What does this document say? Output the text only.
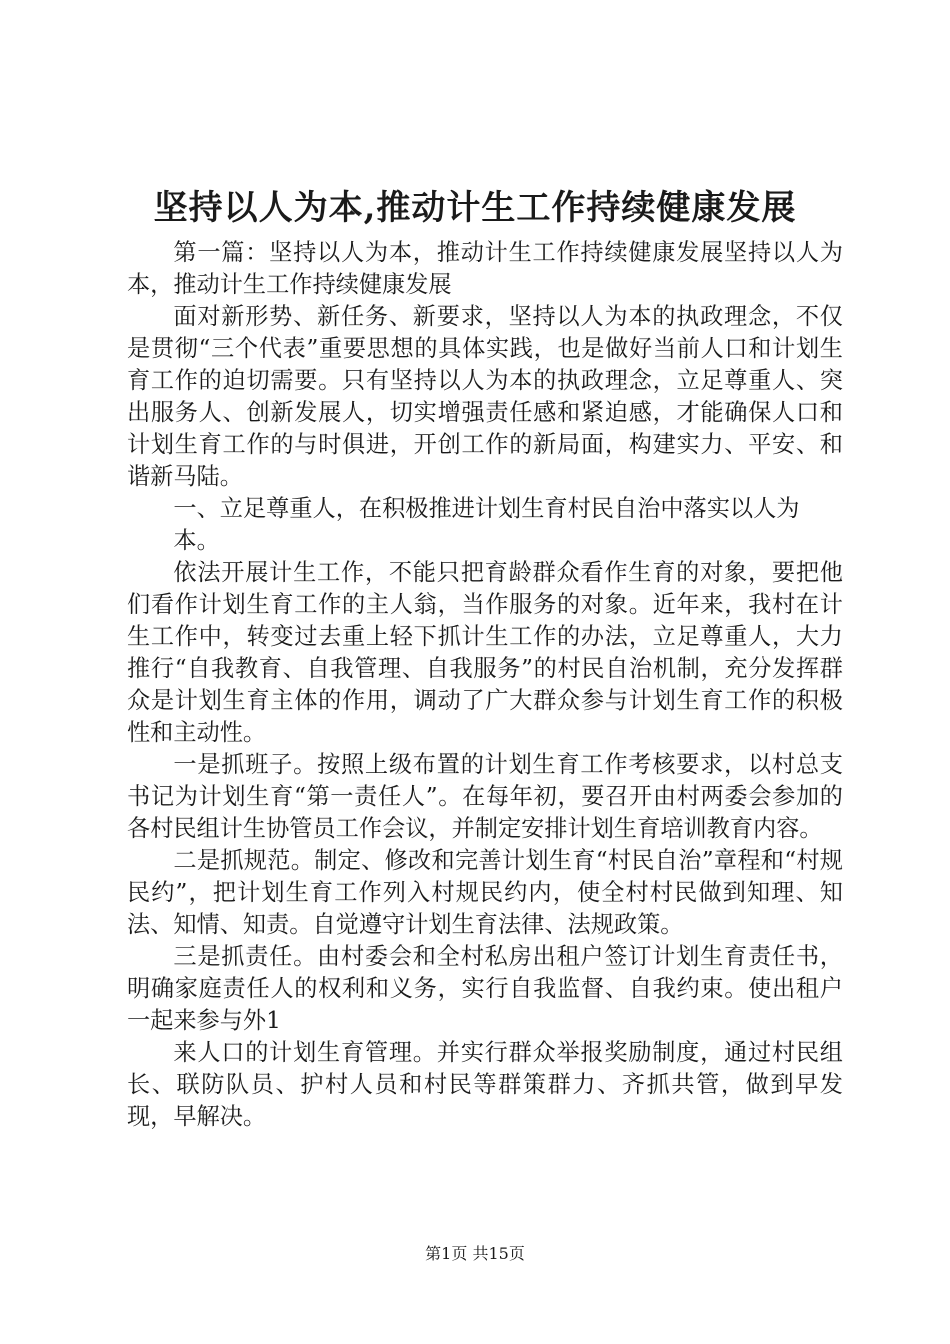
坚持以人为本,推动计生工作持续健康发展

第一篇：坚持以人为本，推动计生工作持续健康发展坚持以人为本，推动计生工作持续健康发展

面对新形势、新任务、新要求，坚持以人为本的执政理念，不仅是贯彻“三个代表”重要思想的具体实践，也是做好当前人口和计划生育工作的迫切需要。只有坚持以人为本的执政理念，立足尊重人、突出服务人、创新发展人，切实增强责任感和紧迫感，才能确保人口和计划生育工作的与时俱进，开创工作的新局面，构建实力、平安、和谐新马陆。

一、立足尊重人，在积极推进计划生育村民自治中落实以人为

本。

依法开展计生工作，不能只把育龄群众看作生育的对象，要把他们看作计划生育工作的主人翁，当作服务的对象。近年来，我村在计生工作中，转变过去重上轻下抓计生工作的办法，立足尊重人，大力推行“自我教育、自我管理、自我服务”的村民自治机制，充分发挥群众是计划生育主体的作用，调动了广大群众参与计划生育工作的积极性和主动性。

一是抓班子。按照上级布置的计划生育工作考核要求，以村总支书记为计划生育“第一责任人”。在每年初，要召开由村两委会参加的各村民组计生协管员工作会议，并制定安排计划生育培训教育内容。

二是抓规范。制定、修改和完善计划生育“村民自治”章程和“村规民约”，把计划生育工作列入村规民约内，使全村村民做到知理、知法、知情、知责。自觉遵守计划生育法律、法规政策。

三是抓责任。由村委会和全村私房出租户签订计划生育责任书，明确家庭责任人的权利和义务，实行自我监督、自我约束。使出租户一起来参与外1

来人口的计划生育管理。并实行群众举报奖励制度，通过村民组长、联防队员、护村人员和村民等群策群力、齐抓共管，做到早发现，早解决。

第1页 共15页
